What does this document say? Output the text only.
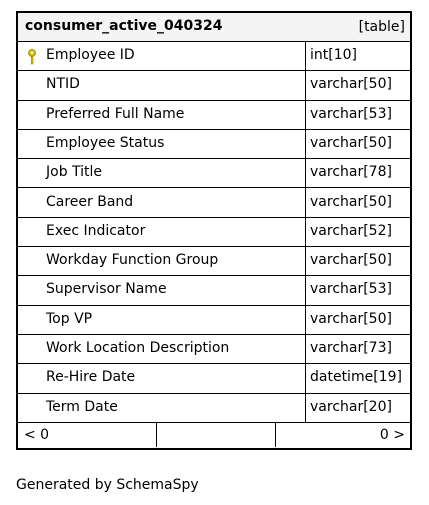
consumer_active_040324	[table]
Employee ID	int[10]
NTID	varchar[50]
Preferred Full Name	varchar[53]
Employee Status	varchar[50]
Job Title	varchar[78]
Career Band	varchar[50]
Exec Indicator	varchar[52]
Workday Function Group	varchar[50]
Supervisor Name	varchar[53]
Top VP	varchar[50]
Work Location Description	varchar[73]
Re-Hire Date	datetime[19]
Term Date	varchar[20]
< 0	0 >
Generated by SchemaSpy
